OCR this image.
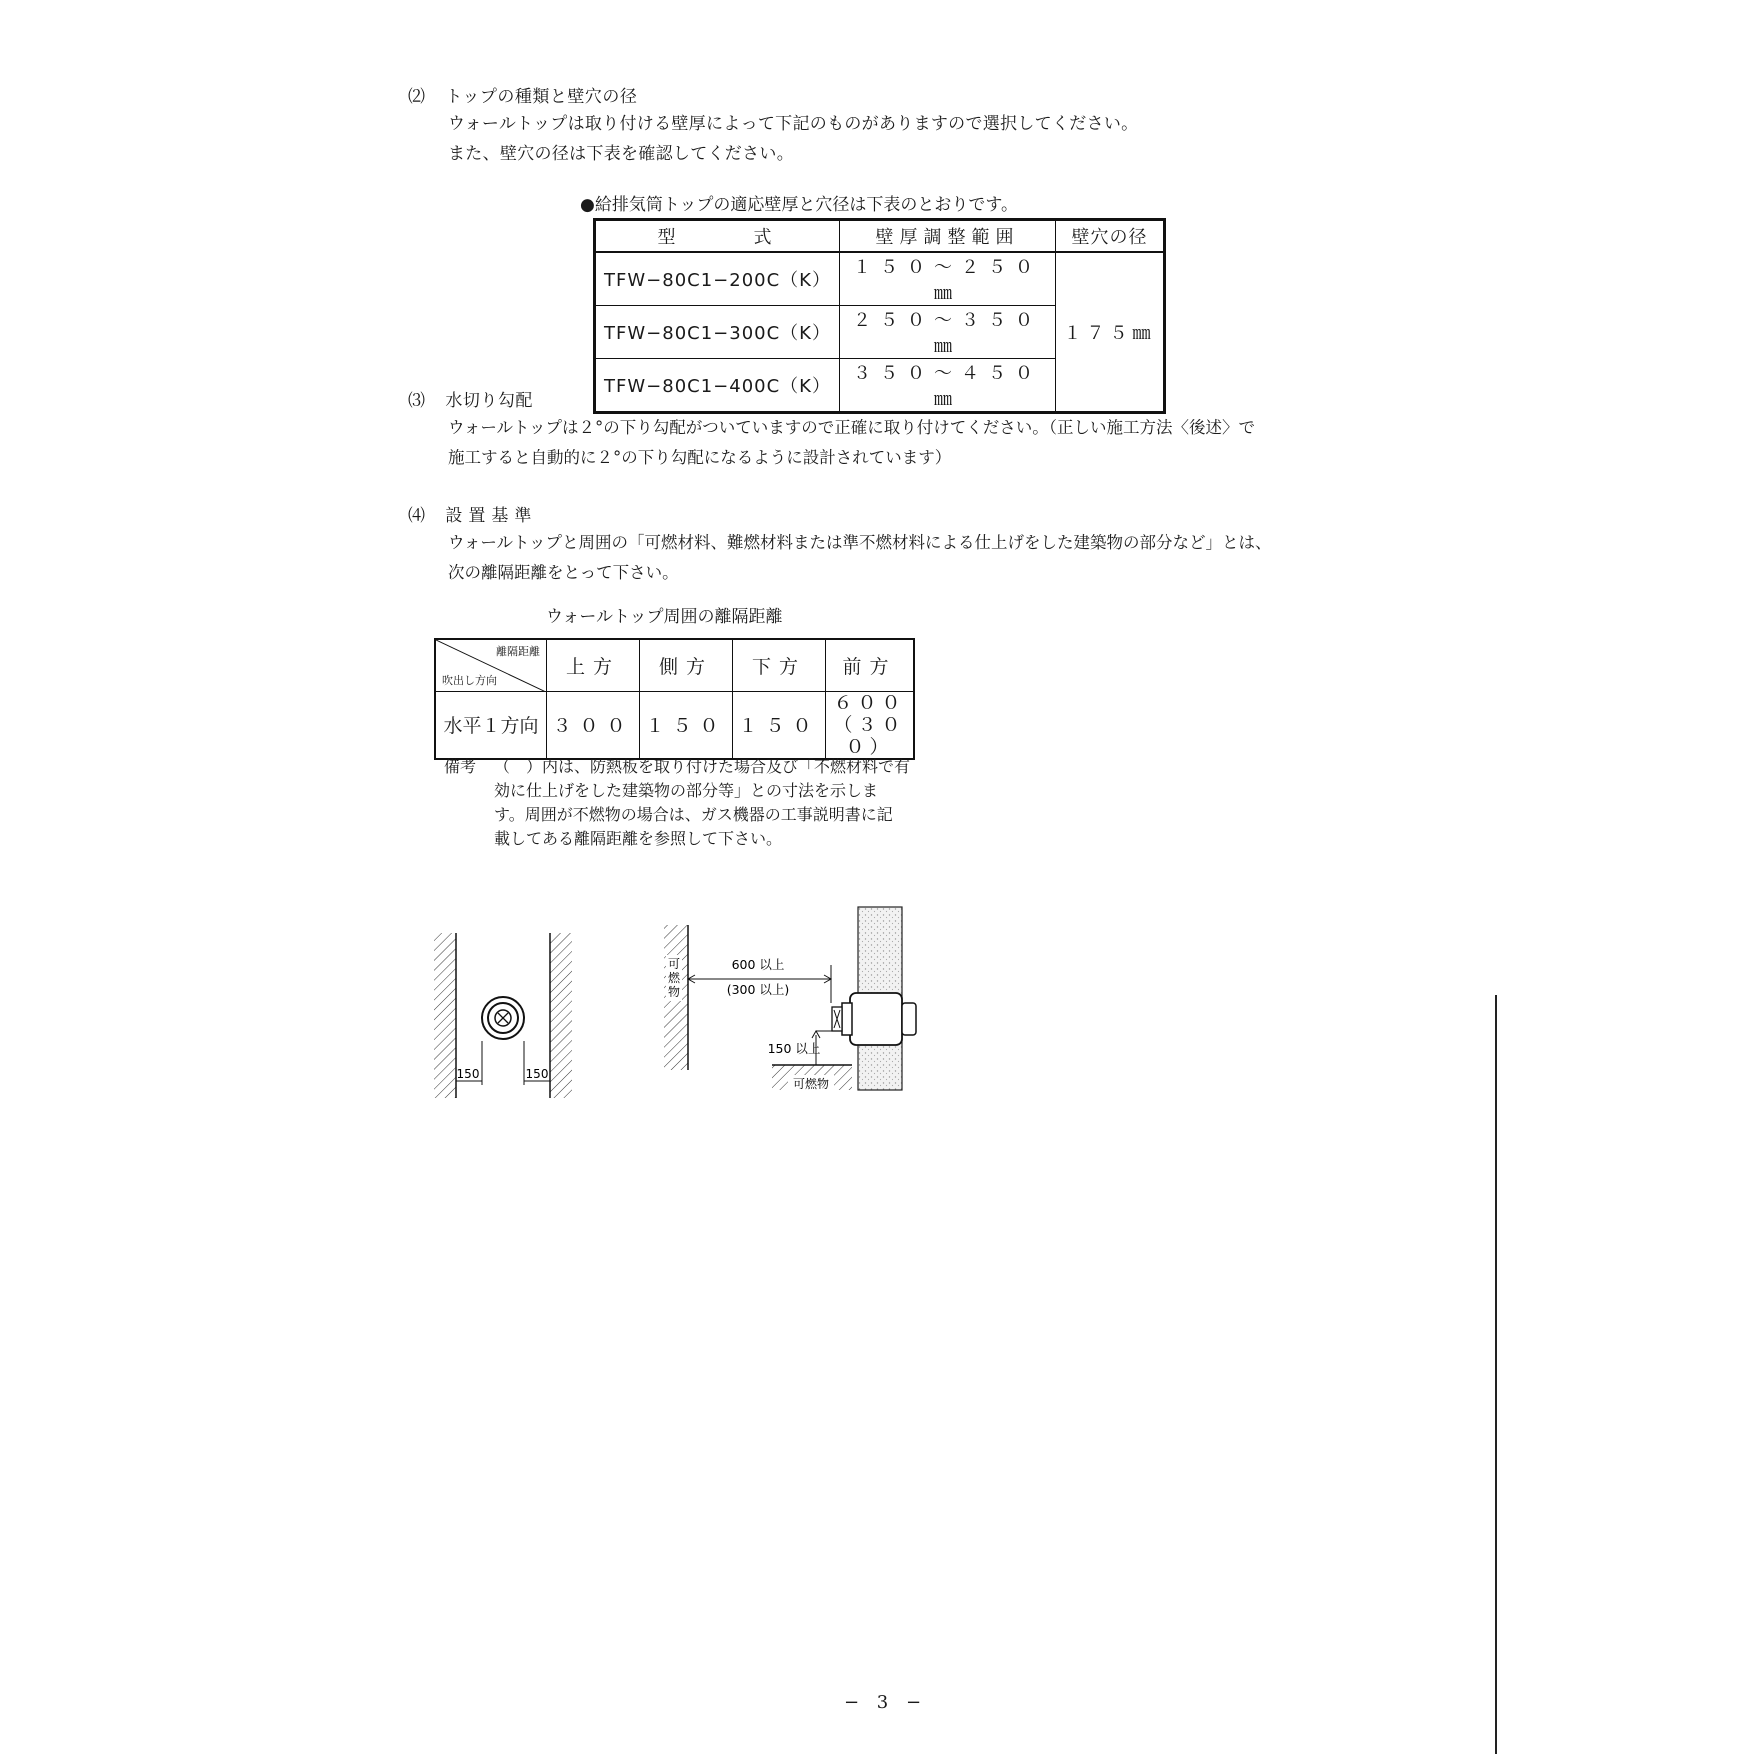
⑵ トップの種類と壁穴の径
ウォールトップは取り付ける壁厚によって下記のものがありますので選択してください。
また、壁穴の径は下表を確認してください。
●給排気筒トップの適応壁厚と穴径は下表のとおりです。
型　　　式	壁厚調整範囲	壁穴の径
TFW−80C1−200C（K）	１５０〜２５０㎜	１７５㎜
TFW−80C1−300C（K）	２５０〜３５０㎜	
TFW−80C1−400C（K）	３５０〜４５０㎜	
⑶ 水切り勾配
ウォールトップは２°の下り勾配がついていますので正確に取り付けてください。（正しい施工方法〈後述〉で
施工すると自動的に２°の下り勾配になるように設計されています）
⑷ 設置基準
ウォールトップと周囲の「可燃材料、難燃材料または準不燃材料による仕上げをした建築物の部分など」とは、
次の離隔距離をとって下さい。
ウォールトップ周囲の離隔距離
離隔距離
吹出し方向	上方	側方	下方	前方
水平１方向	３００	１５０	１５０	６００
（３００）
備考 （　）内は、防熱板を取り付けた場合及び「不燃材料で有
効に仕上げをした建築物の部分等」との寸法を示しま
す。周囲が不燃物の場合は、ガス機器の工事説明書に記
載してある離隔距離を参照して下さい。
150	150
可燃物
600 以上
(300 以上)
150 以上
可燃物
− 3 −
